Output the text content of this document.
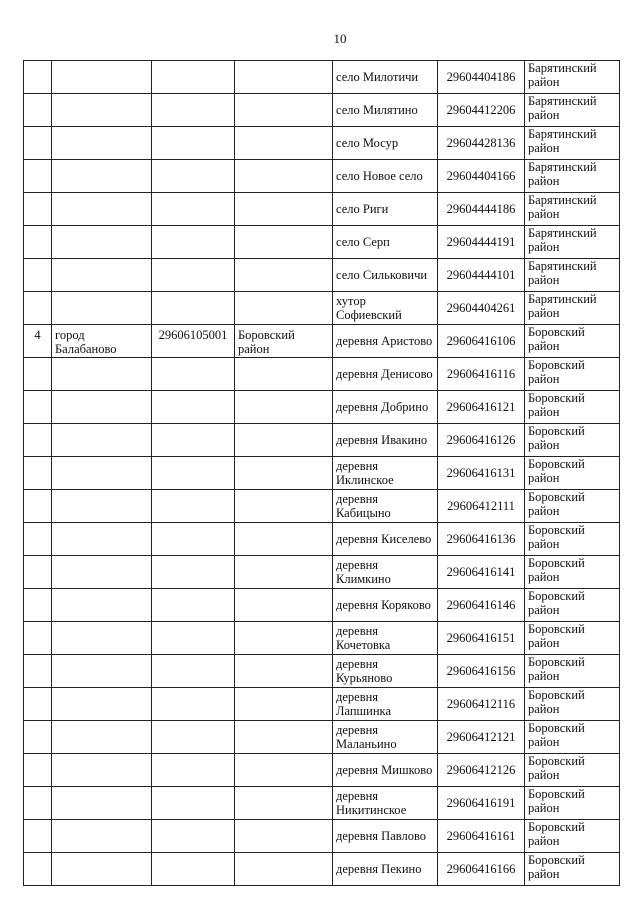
10
				село Милотичи	29604404186	Барятинский район
				село Милятино	29604412206	Барятинский район
				село Мосур	29604428136	Барятинский район
				село Новое село	29604404166	Барятинский район
				село Риги	29604444186	Барятинский район
				село Серп	29604444191	Барятинский район
				село Сильковичи	29604444101	Барятинский район
				хутор Софиевский	29604404261	Барятинский район
4	город Балабаново	29606105001	Боровский район	деревня Аристово	29606416106	Боровский район
				деревня Денисово	29606416116	Боровский район
				деревня Добрино	29606416121	Боровский район
				деревня Ивакино	29606416126	Боровский район
				деревня Иклинское	29606416131	Боровский район
				деревня Кабицыно	29606412111	Боровский район
				деревня Киселево	29606416136	Боровский район
				деревня Климкино	29606416141	Боровский район
				деревня Коряково	29606416146	Боровский район
				деревня Кочетовка	29606416151	Боровский район
				деревня Курьяново	29606416156	Боровский район
				деревня Лапшинка	29606412116	Боровский район
				деревня Маланьино	29606412121	Боровский район
				деревня Мишково	29606412126	Боровский район
				деревня Никитинское	29606416191	Боровский район
				деревня Павлово	29606416161	Боровский район
				деревня Пекино	29606416166	Боровский район
